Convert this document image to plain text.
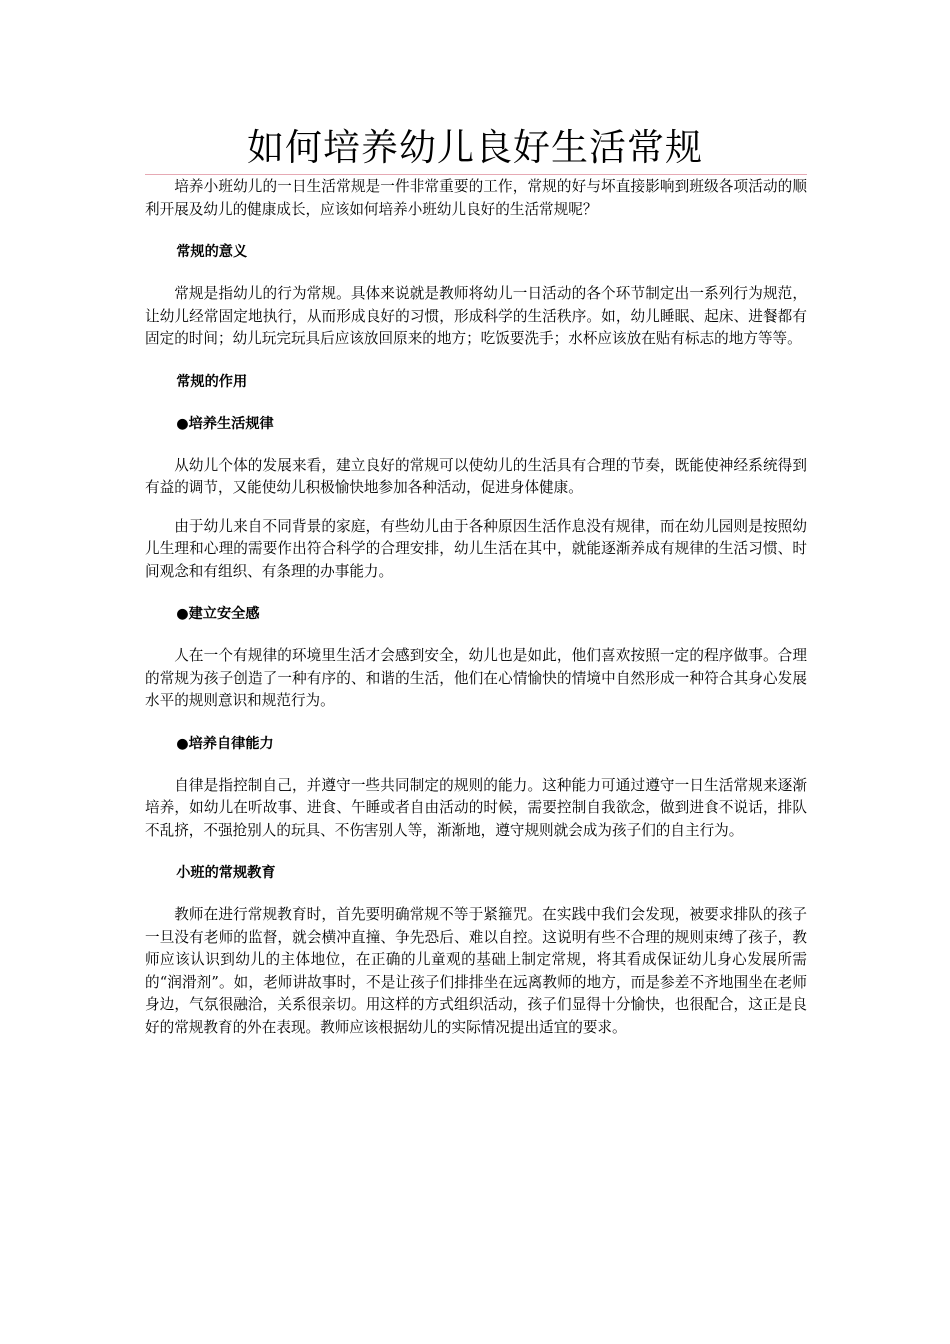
如何培养幼儿良好生活常规

培养小班幼儿的一日生活常规是一件非常重要的工作，常规的好与坏直接影响到班级各项活动的顺利开展及幼儿的健康成长，应该如何培养小班幼儿良好的生活常规呢？

常规的意义

常规是指幼儿的行为常规。具体来说就是教师将幼儿一日活动的各个环节制定出一系列行为规范，让幼儿经常固定地执行，从而形成良好的习惯，形成科学的生活秩序。如，幼儿睡眠、起床、进餐都有固定的时间；幼儿玩完玩具后应该放回原来的地方；吃饭要洗手；水杯应该放在贴有标志的地方等等。

常规的作用

●培养生活规律

从幼儿个体的发展来看，建立良好的常规可以使幼儿的生活具有合理的节奏，既能使神经系统得到有益的调节，又能使幼儿积极愉快地参加各种活动，促进身体健康。

由于幼儿来自不同背景的家庭，有些幼儿由于各种原因生活作息没有规律，而在幼儿园则是按照幼儿生理和心理的需要作出符合科学的合理安排，幼儿生活在其中，就能逐渐养成有规律的生活习惯、时间观念和有组织、有条理的办事能力。

●建立安全感

人在一个有规律的环境里生活才会感到安全，幼儿也是如此，他们喜欢按照一定的程序做事。合理的常规为孩子创造了一种有序的、和谐的生活，他们在心情愉快的情境中自然形成一种符合其身心发展水平的规则意识和规范行为。

●培养自律能力

自律是指控制自己，并遵守一些共同制定的规则的能力。这种能力可通过遵守一日生活常规来逐渐培养，如幼儿在听故事、进食、午睡或者自由活动的时候，需要控制自我欲念，做到进食不说话，排队不乱挤，不强抢别人的玩具、不伤害别人等，渐渐地，遵守规则就会成为孩子们的自主行为。

小班的常规教育

教师在进行常规教育时，首先要明确常规不等于紧箍咒。在实践中我们会发现，被要求排队的孩子一旦没有老师的监督，就会横冲直撞、争先恐后、难以自控。这说明有些不合理的规则束缚了孩子，教师应该认识到幼儿的主体地位，在正确的儿童观的基础上制定常规，将其看成保证幼儿身心发展所需的“润滑剂”。如，老师讲故事时，不是让孩子们排排坐在远离教师的地方，而是参差不齐地围坐在老师身边，气氛很融洽，关系很亲切。用这样的方式组织活动，孩子们显得十分愉快，也很配合，这正是良好的常规教育的外在表现。教师应该根据幼儿的实际情况提出适宜的要求。
